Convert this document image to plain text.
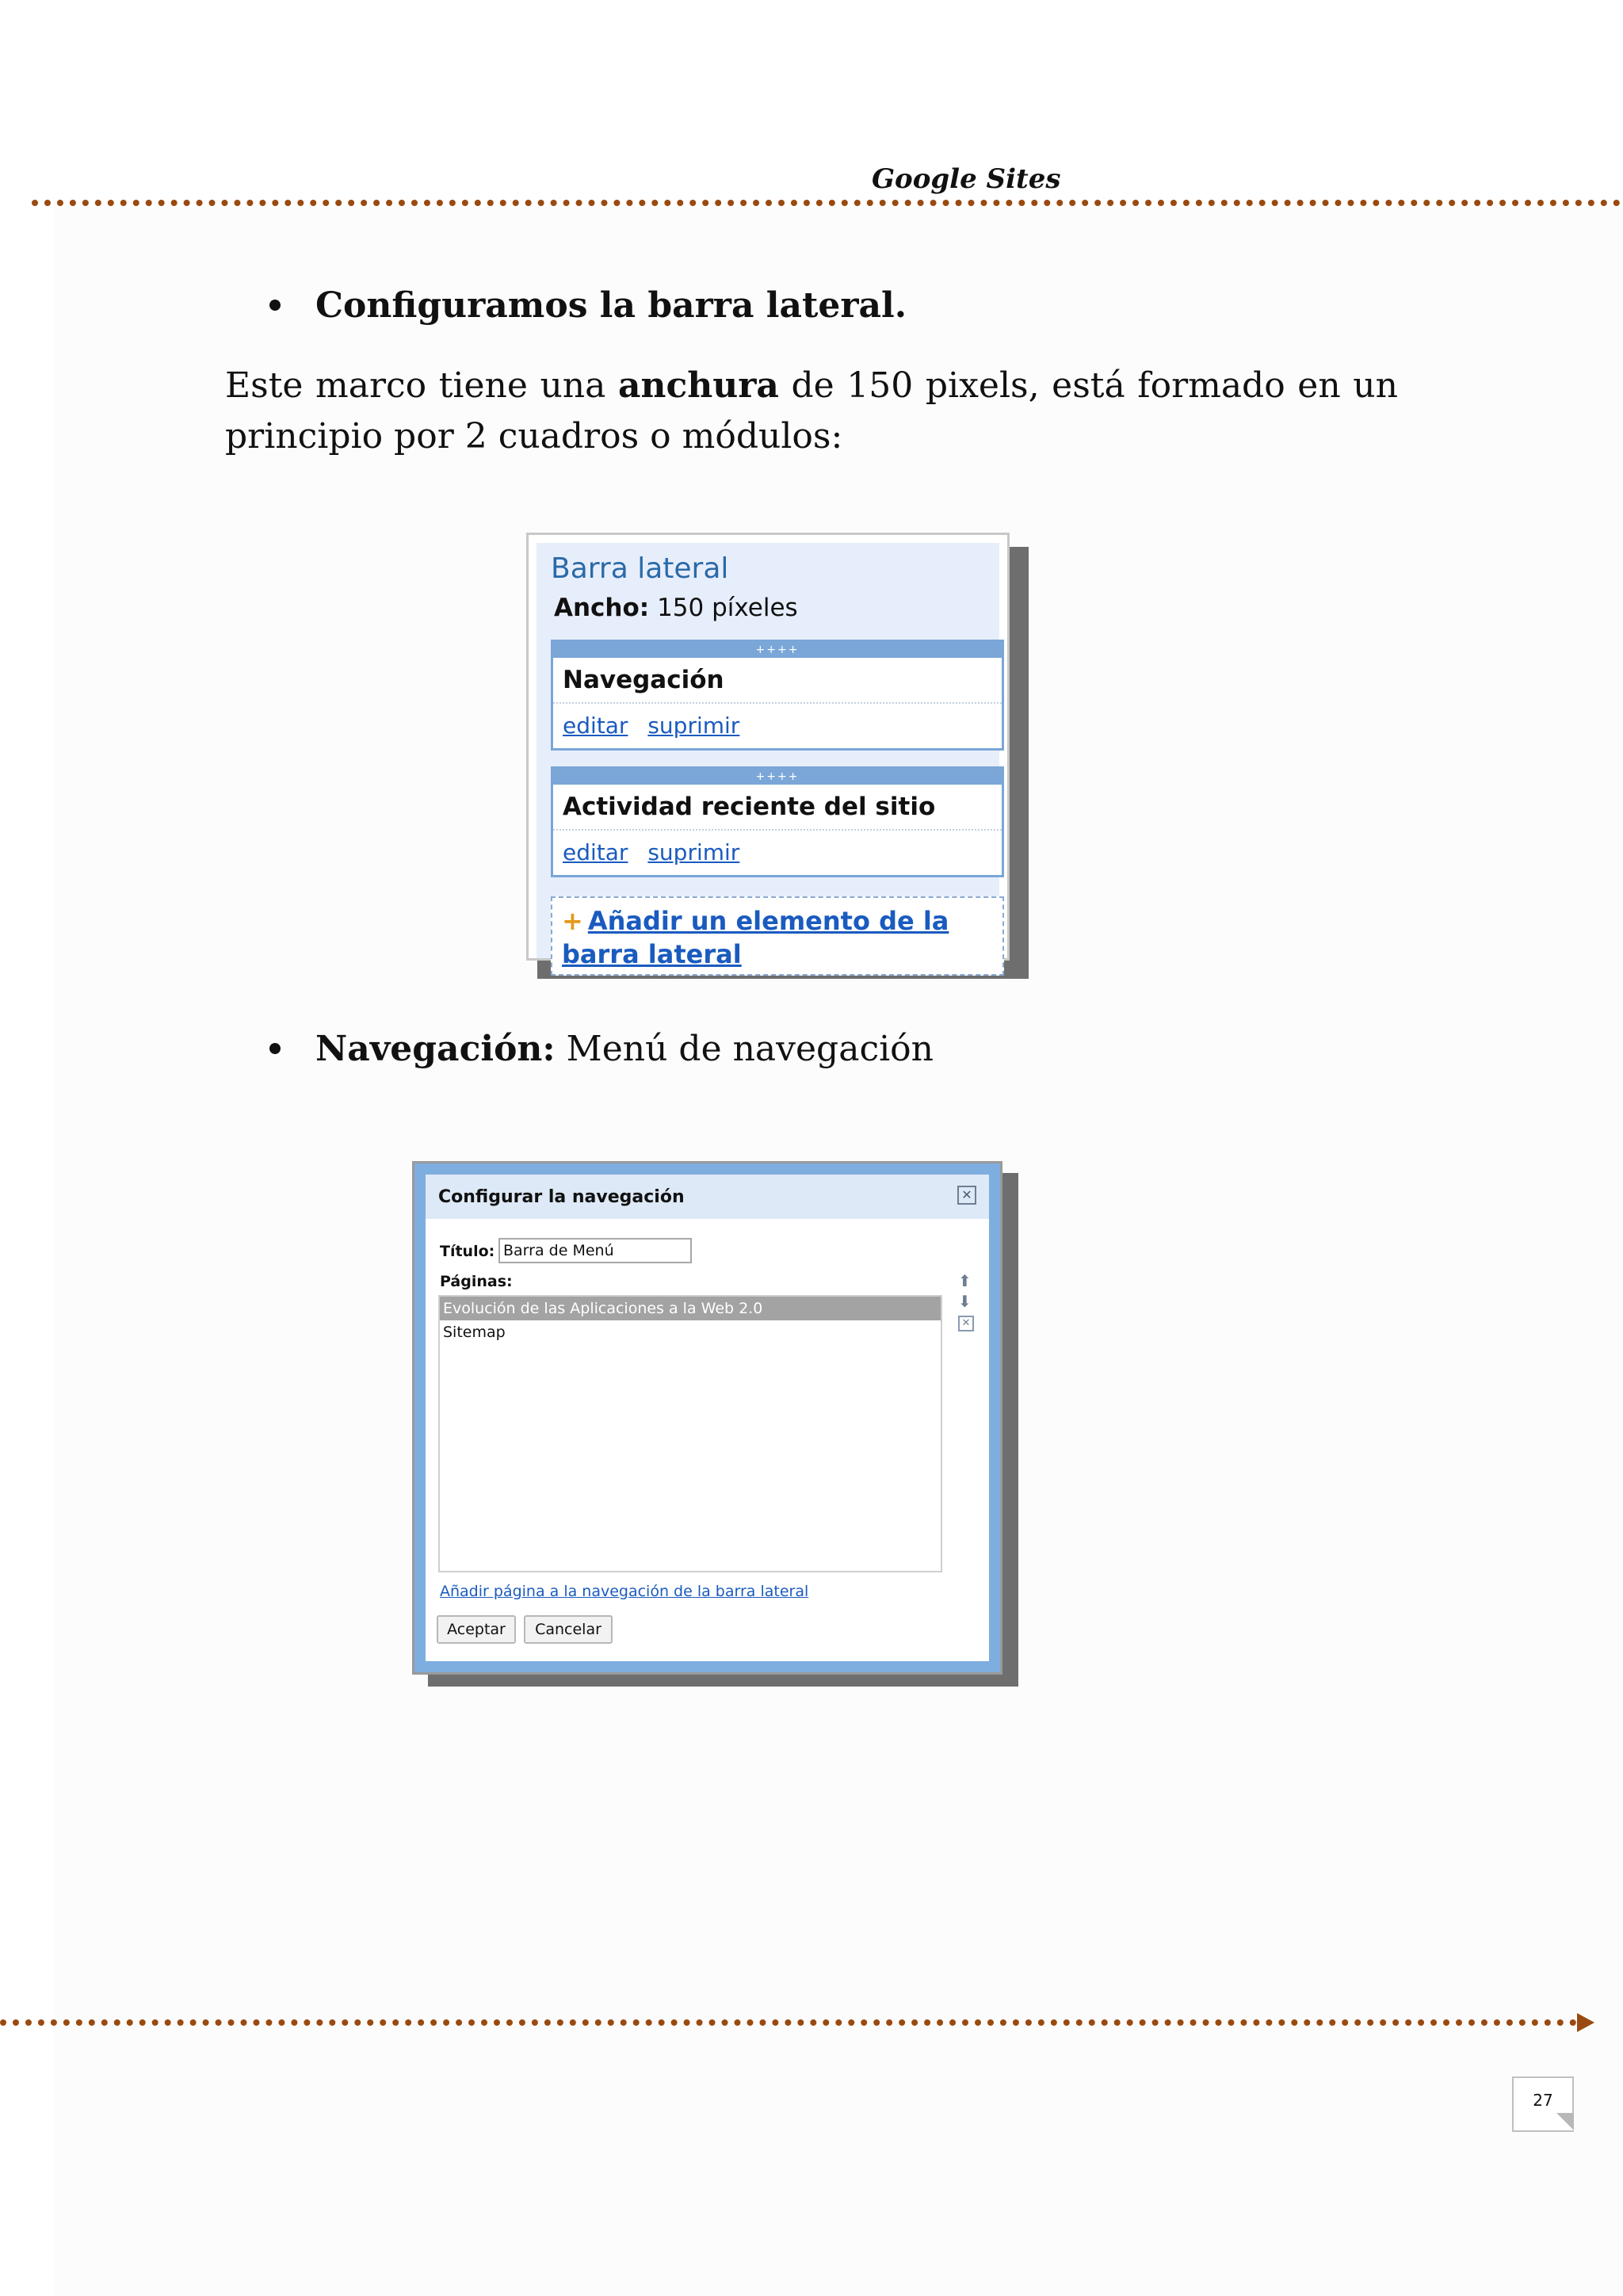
Google Sites
Configuramos la barra lateral.
Este marco tiene una anchura de 150 pixels, está formado en un
principio por 2 cuadros o módulos:
Barra lateral
Ancho: 150 píxeles
++++
Navegación
editar suprimir
++++
Actividad reciente del sitio
editar suprimir
+ Añadir un elemento de la barra lateral
Navegación: Menú de navegación
Configurar la navegación	✕
Título: Barra de Menú
Páginas:
Evolución de las Aplicaciones a la Web 2.0
Sitemap
⬆
⬇
✕
Añadir página a la navegación de la barra lateral
Aceptar	Cancelar
27
